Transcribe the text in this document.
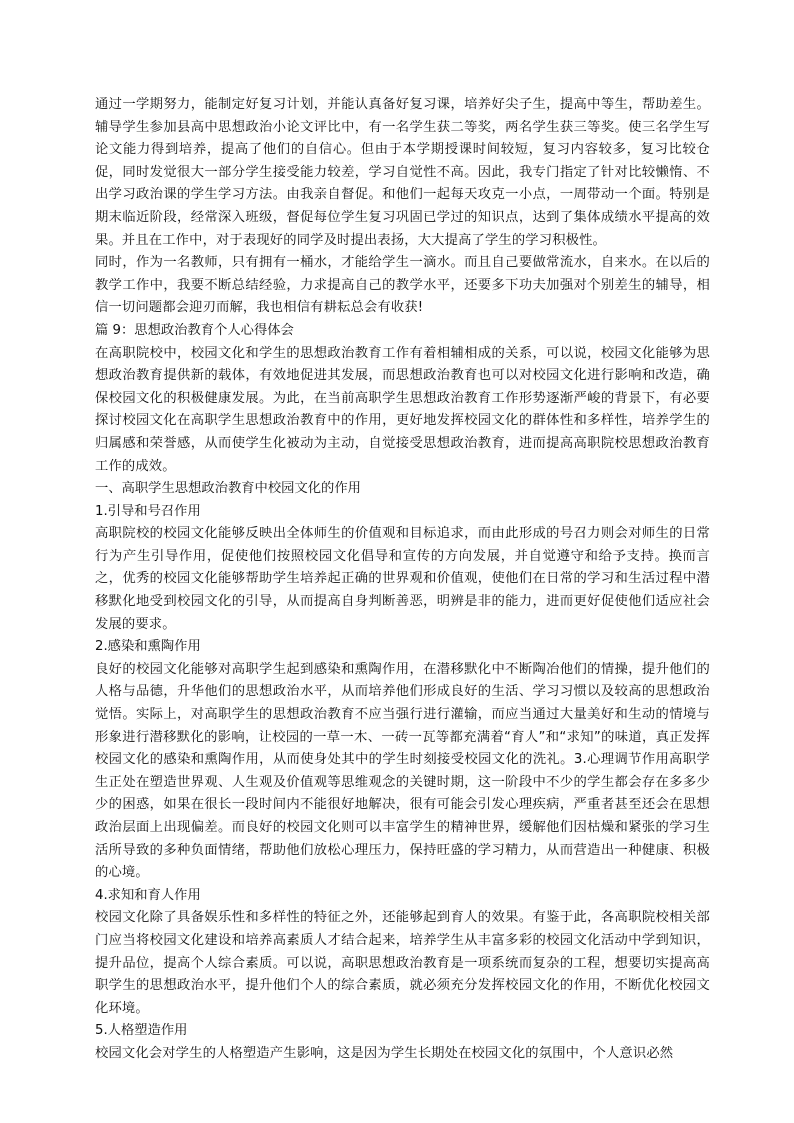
通过一学期努力，能制定好复习计划，并能认真备好复习课，培养好尖子生，提高中等生，帮助差生。辅导学生参加县高中思想政治小论文评比中，有一名学生获二等奖，两名学生获三等奖。使三名学生写论文能力得到培养，提高了他们的自信心。但由于本学期授课时间较短，复习内容较多，复习比较仓促，同时发觉很大一部分学生接受能力较差，学习自觉性不高。因此，我专门指定了针对比较懒惰、不出学习政治课的学生学习方法。由我亲自督促。和他们一起每天攻克一小点，一周带动一个面。特别是期末临近阶段，经常深入班级，督促每位学生复习巩固已学过的知识点，达到了集体成绩水平提高的效果。并且在工作中，对于表现好的同学及时提出表扬，大大提高了学生的学习积极性。

同时，作为一名教师，只有拥有一桶水，才能给学生一滴水。而且自己要做常流水，自来水。在以后的教学工作中，我要不断总结经验，力求提高自己的教学水平，还要多下功夫加强对个别差生的辅导，相信一切问题都会迎刃而解，我也相信有耕耘总会有收获!

篇 9：思想政治教育个人心得体会

在高职院校中，校园文化和学生的思想政治教育工作有着相辅相成的关系，可以说，校园文化能够为思想政治教育提供新的载体，有效地促进其发展，而思想政治教育也可以对校园文化进行影响和改造，确保校园文化的积极健康发展。为此，在当前高职学生思想政治教育工作形势逐渐严峻的背景下，有必要探讨校园文化在高职学生思想政治教育中的作用，更好地发挥校园文化的群体性和多样性，培养学生的归属感和荣誉感，从而使学生化被动为主动，自觉接受思想政治教育，进而提高高职院校思想政治教育工作的成效。

一、高职学生思想政治教育中校园文化的作用

1.引导和号召作用

高职院校的校园文化能够反映出全体师生的价值观和目标追求，而由此形成的号召力则会对师生的日常行为产生引导作用，促使他们按照校园文化倡导和宣传的方向发展，并自觉遵守和给予支持。换而言之，优秀的校园文化能够帮助学生培养起正确的世界观和价值观，使他们在日常的学习和生活过程中潜移默化地受到校园文化的引导，从而提高自身判断善恶，明辨是非的能力，进而更好促使他们适应社会发展的要求。

2.感染和熏陶作用

良好的校园文化能够对高职学生起到感染和熏陶作用，在潜移默化中不断陶冶他们的情操，提升他们的人格与品德，升华他们的思想政治水平，从而培养他们形成良好的生活、学习习惯以及较高的思想政治觉悟。实际上，对高职学生的思想政治教育不应当强行进行灌输，而应当通过大量美好和生动的情境与形象进行潜移默化的影响，让校园的一草一木、一砖一瓦等都充满着“育人”和“求知”的味道，真正发挥校园文化的感染和熏陶作用，从而使身处其中的学生时刻接受校园文化的洗礼。3.心理调节作用高职学生正处在塑造世界观、人生观及价值观等思维观念的关键时期，这一阶段中不少的学生都会存在多多少少的困惑，如果在很长一段时间内不能很好地解决，很有可能会引发心理疾病，严重者甚至还会在思想政治层面上出现偏差。而良好的校园文化则可以丰富学生的精神世界，缓解他们因枯燥和紧张的学习生活所导致的多种负面情绪，帮助他们放松心理压力，保持旺盛的学习精力，从而营造出一种健康、积极的心境。

4.求知和育人作用

校园文化除了具备娱乐性和多样性的特征之外，还能够起到育人的效果。有鉴于此，各高职院校相关部门应当将校园文化建设和培养高素质人才结合起来，培养学生从丰富多彩的校园文化活动中学到知识，提升品位，提高个人综合素质。可以说，高职思想政治教育是一项系统而复杂的工程，想要切实提高高职学生的思想政治水平，提升他们个人的综合素质，就必须充分发挥校园文化的作用，不断优化校园文化环境。

5.人格塑造作用

校园文化会对学生的人格塑造产生影响，这是因为学生长期处在校园文化的氛围中，个人意识必然
